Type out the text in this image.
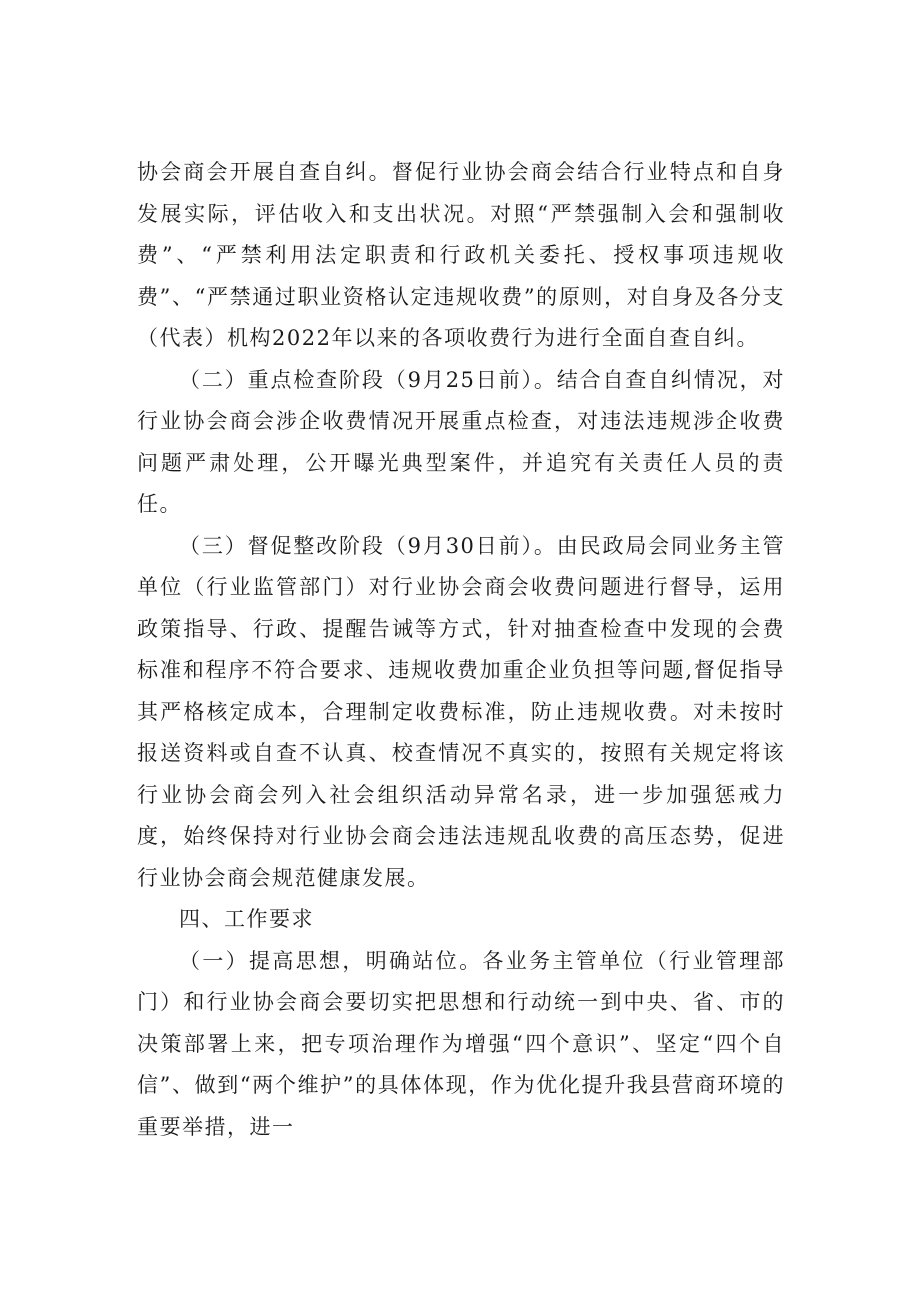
协会商会开展自查自纠。督促行业协会商会结合行业特点和自身发展实际，评估收入和支出状况。对照“严禁强制入会和强制收费”、“严禁利用法定职责和行政机关委托、授权事项违规收费”、“严禁通过职业资格认定违规收费”的原则，对自身及各分支（代表）机构2022年以来的各项收费行为进行全面自查自纠。

（二）重点检查阶段（9月25日前）。结合自查自纠情况，对行业协会商会涉企收费情况开展重点检查，对违法违规涉企收费问题严肃处理，公开曝光典型案件，并追究有关责任人员的责任。

（三）督促整改阶段（9月30日前）。由民政局会同业务主管单位（行业监管部门）对行业协会商会收费问题进行督导，运用政策指导、行政、提醒告诫等方式，针对抽查检查中发现的会费标准和程序不符合要求、违规收费加重企业负担等问题,督促指导其严格核定成本，合理制定收费标准，防止违规收费。对未按时报送资料或自查不认真、校查情况不真实的，按照有关规定将该行业协会商会列入社会组织活动异常名录，进一步加强惩戒力度，始终保持对行业协会商会违法违规乱收费的高压态势，促进行业协会商会规范健康发展。

四、工作要求

（一）提高思想，明确站位。各业务主管单位（行业管理部门）和行业协会商会要切实把思想和行动统一到中央、省、市的决策部署上来，把专项治理作为增强“四个意识”、坚定“四个自信”、做到“两个维护”的具体体现，作为优化提升我县营商环境的重要举措，进一
